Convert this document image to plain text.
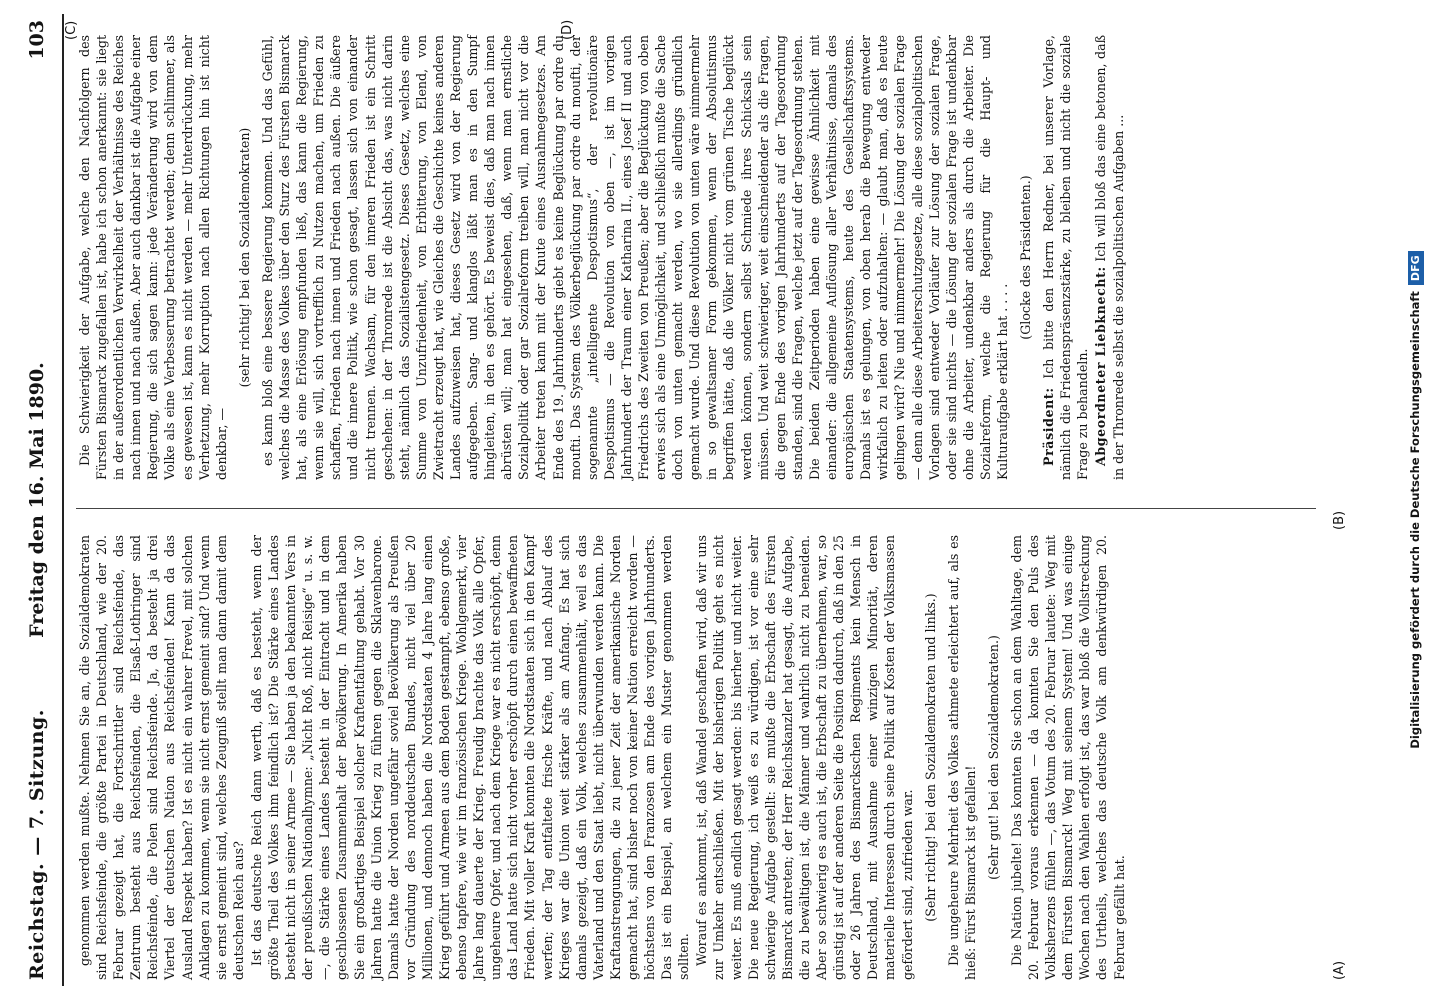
(A)
(B)
(C)	(D)
Reichstag. — 7. Sitzung.
Freitag den 16. Mai 1890.
103

genommen werden mußte. Nehmen Sie an, die Sozialdemokraten sind Reichsfeinde, die größte Partei in Deutschland, wie der 20. Februar gezeigt hat, die Fortschrittler sind Reichsfeinde, das Zentrum besteht aus Reichsfeinden, die Elsaß-Lothringer sind Reichsfeinde, die Polen sind Reichsfeinde. Ja, da besteht ja drei Viertel der deutschen Nation aus Reichsfeinden! Kann da das Ausland Respekt haben? Ist es nicht ein wahrer Frevel, mit solchen Anklagen zu kommen, wenn sie nicht ernst gemeint sind? Und wenn sie ernst gemeint sind, welches Zeugniß stellt man dann damit dem deutschen Reich aus? Ist das deutsche Reich dann werth, daß es besteht, wenn der größte Theil des Volkes ihm feindlich ist? Die Stärke eines Landes besteht nicht in seiner Armee — Sie haben ja den bekannten Vers in der preußischen Nationalhymne: „Nicht Roß, nicht Reisige“ u. s. w. —, die Stärke eines Landes besteht in der Eintracht und in dem geschlossenen Zusammenhalt der Bevölkerung. In Amerika haben Sie ein großartiges Beispiel solcher Kraftentfaltung gehabt. Vor 30 Jahren hatte die Union Krieg zu führen gegen die Sklavenbarone. Damals hatte der Norden ungefähr soviel Bevölkerung als Preußen vor Gründung des norddeutschen Bundes, nicht viel über 20 Millionen, und dennoch haben die Nordstaaten 4 Jahre lang einen Krieg geführt und Armeen aus dem Boden gestampft, ebenso große, ebenso tapfere, wie wir im französischen Kriege. Wohlgemerkt, vier Jahre lang dauerte der Krieg. Freudig brachte das Volk alle Opfer, ungeheure Opfer, und nach dem Kriege war es nicht erschöpft, denn das Land hatte sich nicht vorher erschöpft durch einen bewaffneten Frieden. Mit voller Kraft konnten die Nordstaaten sich in den Kampf werfen; der Tag entfaltete frische Kräfte, und nach Ablauf des Krieges war die Union weit stärker als am Anfang. Es hat sich damals gezeigt, daß ein Volk, welches zusammenhält, weil es das Vaterland und den Staat liebt, nicht überwunden werden kann. Die Kraftanstrengungen, die zu jener Zeit der amerikanische Norden gemacht hat, sind bisher noch von keiner Nation erreicht worden — höchstens von den Franzosen am Ende des vorigen Jahrhunderts. Das ist ein Beispiel, an welchem ein Muster genommen werden sollten. Worauf es ankommt, ist, daß Wandel geschaffen wird, daß wir uns zur Umkehr entschließen. Mit der bisherigen Politik geht es nicht weiter. Es muß endlich gesagt werden: bis hierher und nicht weiter. Die neue Regierung, ich weiß es zu würdigen, ist vor eine sehr schwierige Aufgabe gestellt: sie mußte die Erbschaft des Fürsten Bismarck antreten; der Herr Reichskanzler hat gesagt, die Aufgabe, die zu bewältigen ist, die Männer und wahrlich nicht zu beneiden. Aber so schwierig es auch ist, die Erbschaft zu übernehmen, war, so günstig ist auf der anderen Seite die Position dadurch, daß in den 25 oder 26 Jahren des Bismarckschen Regiments kein Mensch in Deutschland, mit Ausnahme einer winzigen Minorität, deren materielle Interessen durch seine Politik auf Kosten der Volksmassen gefördert sind, zufrieden war. (Sehr richtig! bei den Sozialdemokraten und links.) Die ungeheure Mehrheit des Volkes athmete erleichtert auf, als es hieß: Fürst Bismarck ist gefallen! (Sehr gut! bei den Sozialdemokraten.) Die Nation jubelte! Das konnten Sie schon an dem Wahltage, dem 20. Februar voraus erkennen — da konnten Sie den Puls des Volksherzens fühlen —, das Votum des 20. Februar lautete: Weg mit dem Fürsten Bismarck! Weg mit seinem System! Und was einige Wochen nach den Wahlen erfolgt ist, das war bloß die Vollstreckung des Urtheils, welches das deutsche Volk am denkwürdigen 20. Februar gefällt hat.

Die Schwierigkeit der Aufgabe, welche den Nachfolgern des Fürsten Bismarck zugefallen ist, habe ich schon anerkannt: sie liegt in der außerordentlichen Verwirkelheit der Verhältnisse des Reiches nach innen und nach außen. Aber auch dankbar ist die Aufgabe einer Regierung, die sich sagen kann: jede Veränderung wird von dem Volke als eine Verbesserung betrachtet werden; denn schlimmer, als es gewesen ist, kann es nicht werden — mehr Unterdrückung, mehr Verhetzung, mehr Korruption nach allen Richtungen hin ist nicht denkbar, —

(sehr richtig! bei den Sozialdemokraten) es kann bloß eine bessere Regierung kommen. Und das Gefühl, welches die Masse des Volkes über den Sturz des Fürsten Bismarck hat, als eine Erlösung empfunden ließ, das kann die Regierung, wenn sie will, sich vortrefflich zu Nutzen machen, um Frieden zu schaffen, Frieden nach innen und Frieden nach außen. Die äußere und die innere Politik, wie schon gesagt, lassen sich von einander nicht trennen. Wachsam, für den inneren Frieden ist ein Schritt geschehen: in der Thronrede ist die Absicht das, was nicht darin steht, nämlich das Sozialistengesetz. Dieses Gesetz, welches eine Summe von Unzufriedenheit, von Erbitterung, von Elend, von Zwietracht erzeugt hat, wie Gleiches die Geschichte keines anderen Landes aufzuweisen hat, dieses Gesetz wird von der Regierung aufgegeben. Sang- und klanglos läßt man es in den Sumpf hingleiten, in den es gehört. Es beweist dies, daß man nach innen abrüsten will; man hat eingesehen, daß, wenn man ernstliche Sozialpolitik oder gar Sozialreform treiben will, man nicht vor die Arbeiter treten kann mit der Knute eines Ausnahmegesetzes. Am Ende des 19. Jahrhunderts giebt es keine Beglückung par ordre du moufti. Das System des Völkerbeglückung par ordre du moufti, der sogenannte „intelligente Despotismus“, der revolutionäre Despotismus — die Revolution von oben —, ist im vorigen Jahrhundert der Traum einer Katharina II., eines Josef II und auch Friedrichs des Zweiten von Preußen; aber die Beglückung von oben erwies sich als eine Unmöglichkeit, und schließlich mußte die Sache doch von unten gemacht werden, wo sie allerdings gründlich gemacht wurde. Und diese Revolution von unten wäre nimmermehr in so gewaltsamer Form gekommen, wenn der Absolutismus begriffen hätte, daß die Völker nicht vom grünen Tische beglückt werden können, sondern selbst Schmiede ihres Schicksals sein müssen. Und weit schwieriger, weit einschneidender als die Fragen, die gegen Ende des vorigen Jahrhunderts auf der Tagesordnung standen, sind die Fragen, welche jetzt auf der Tagesordnung stehen. Die beiden Zeitperioden haben eine gewisse Ähnlichkeit mit einander: die allgemeine Auflösung aller Verhältnisse, damals des europäischen Staatensystems, heute des Gesellschaftssystems. Damals ist es gelungen, von oben herab die Bewegung entweder wirkfalich zu leiten oder aufzuhalten: — glaubt man, daß es heute gelingen wird? Nie und nimmermehr! Die Lösung der sozialen Frage — denn alle diese Arbeiterschutzgesetze, alle diese sozialpolitischen Vorlagen sind entweder Vorläufer zur Lösung der sozialen Frage, oder sie sind nichts — die Lösung der sozialen Frage ist undenkbar ohne die Arbeiter, undenkbar anders als durch die Arbeiter. Die Sozialreform, welche die Regierung für die Haupt- und Kulturaufgabe erklärt hat . . . .

(Glocke des Präsidenten.)

Präsident: Ich bitte den Herrn Redner, bei unserer Vorlage, nämlich die Friedenspräsenzstärke, zu bleiben und nicht die soziale Frage zu behandeln. Abgeordneter Liebknecht: Ich will bloß das eine betonen, daß in der Thronrede selbst die sozialpolitischen Aufgaben ...	Digitalisierung gefördert durch die Deutsche ForschungsgemeinschaftDFG
